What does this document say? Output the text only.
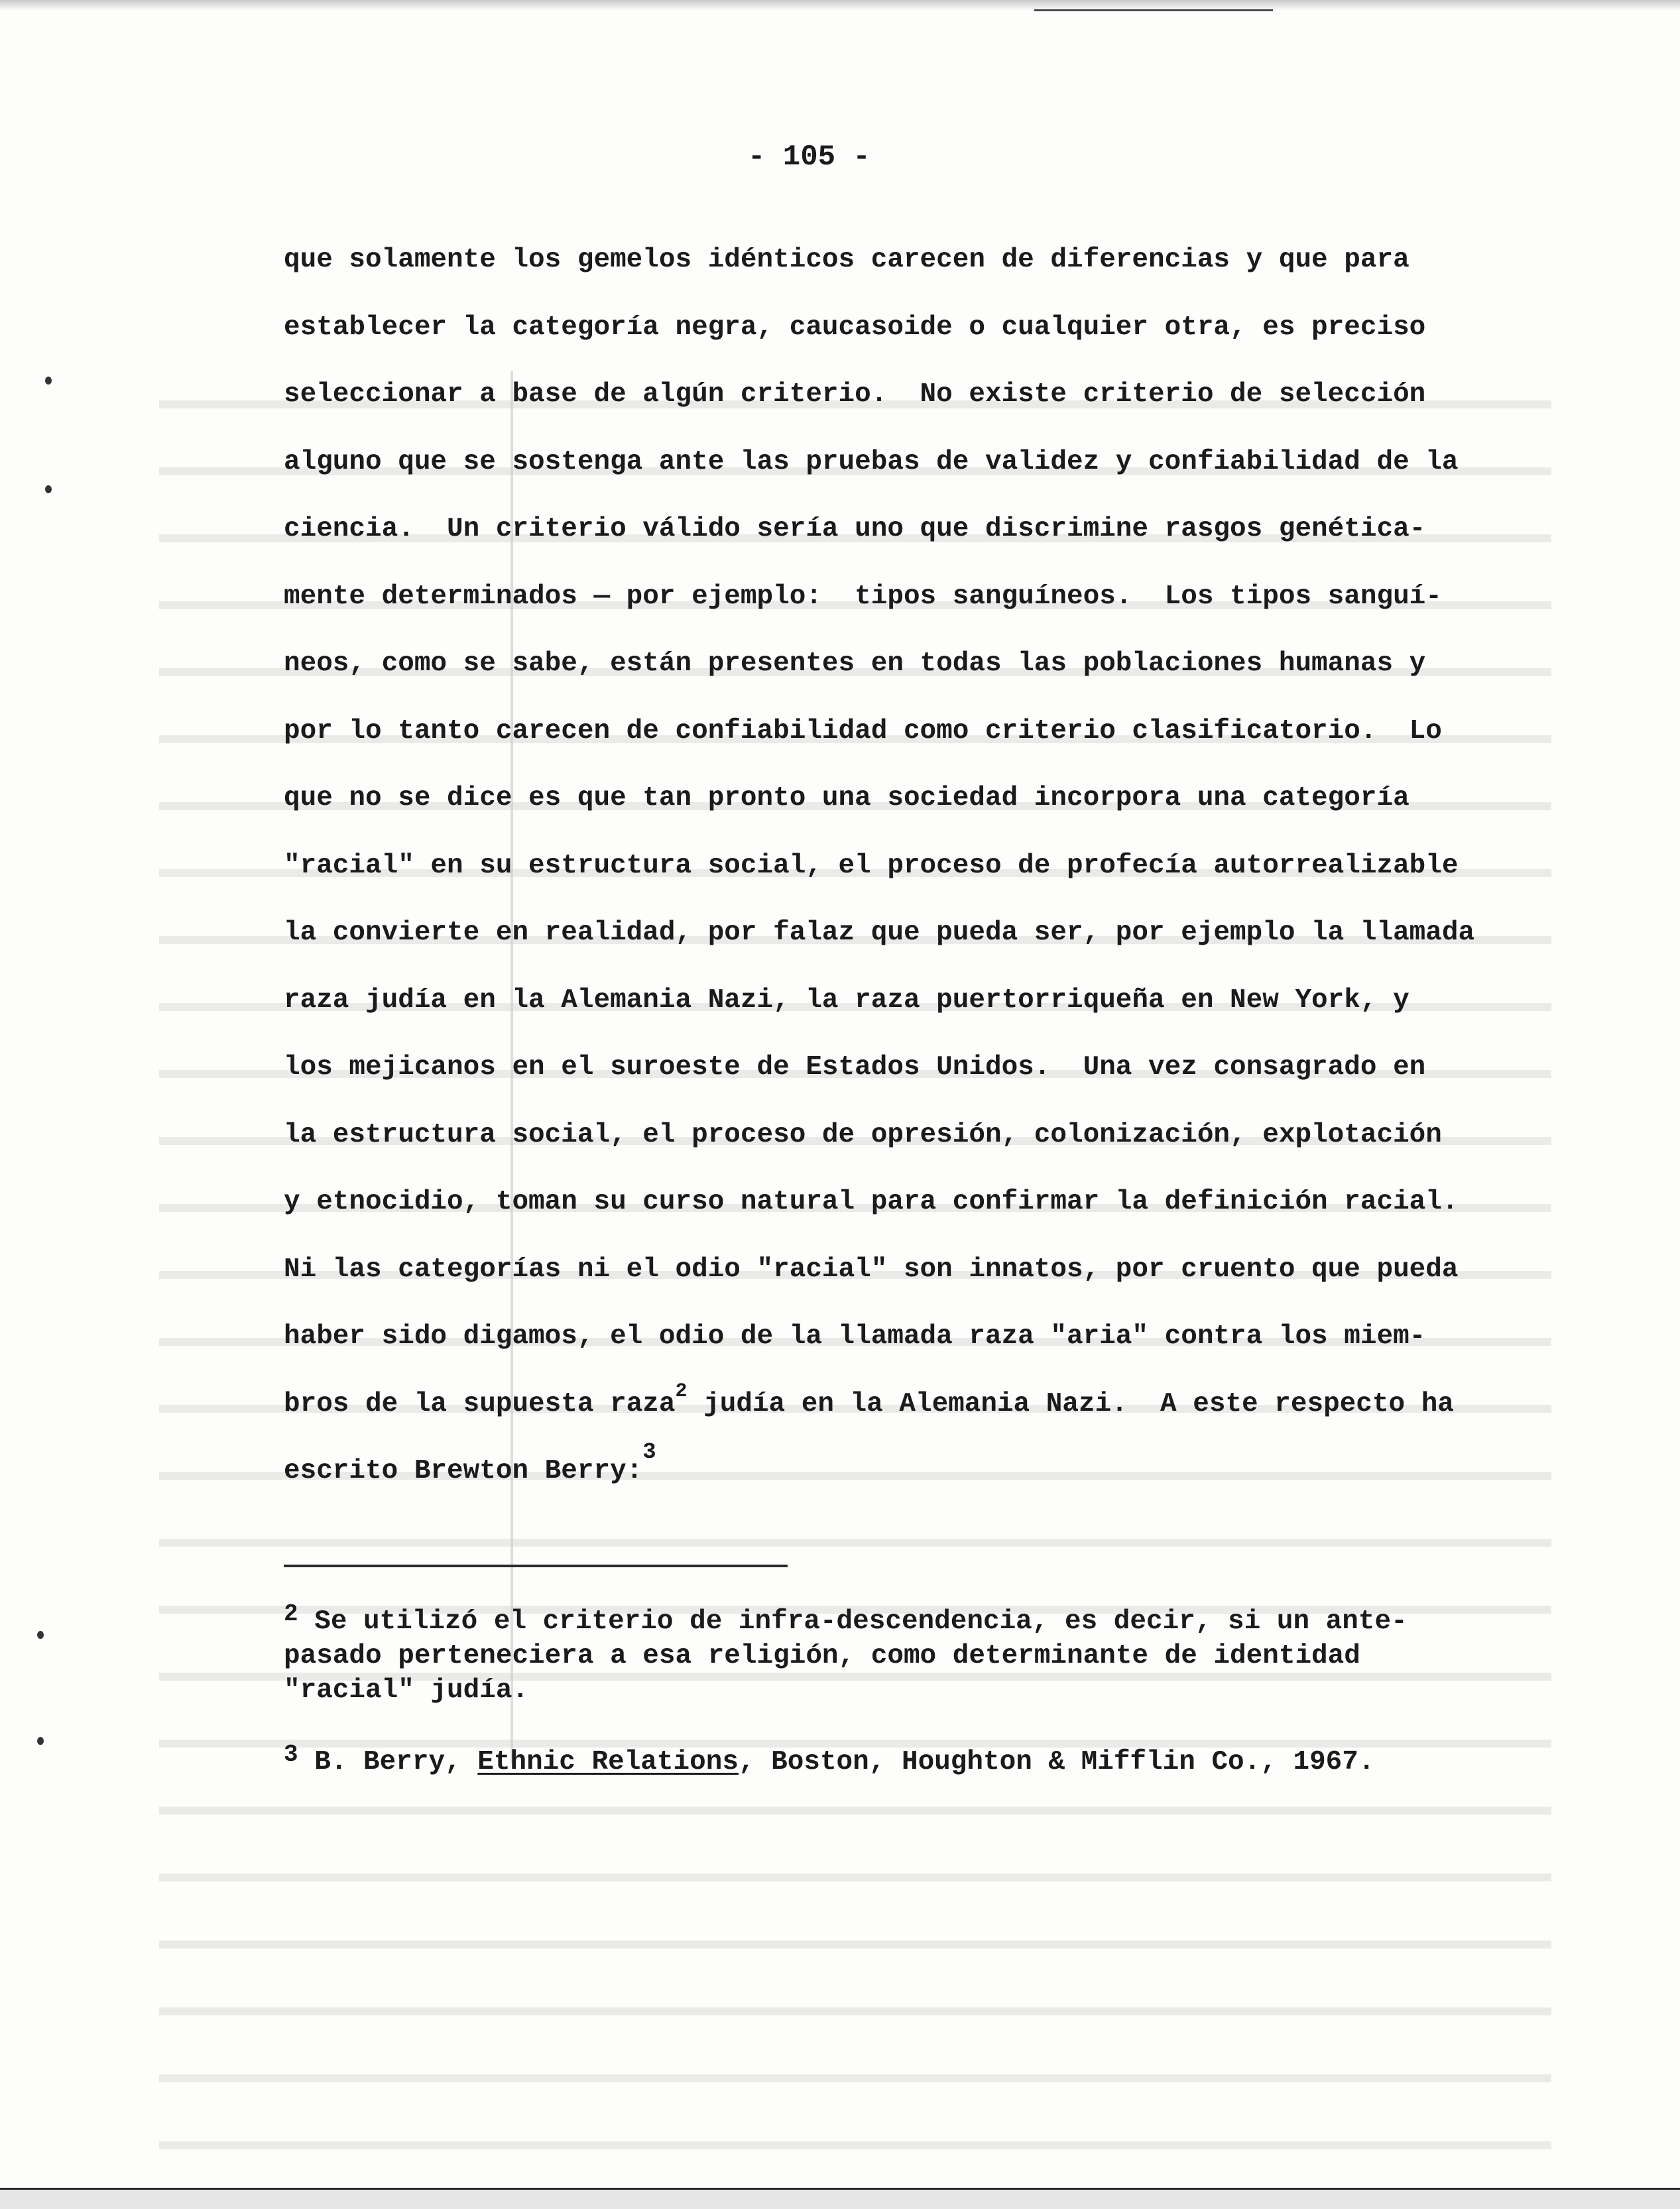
- 105 -
que solamente los gemelos idénticos carecen de diferencias y que para
establecer la categoría negra, caucasoide o cualquier otra, es preciso
seleccionar a base de algún criterio.  No existe criterio de selección
alguno que se sostenga ante las pruebas de validez y confiabilidad de la
ciencia.  Un criterio válido sería uno que discrimine rasgos genética-
mente determinados — por ejemplo:  tipos sanguíneos.  Los tipos sanguí-
neos, como se sabe, están presentes en todas las poblaciones humanas y
por lo tanto carecen de confiabilidad como criterio clasificatorio.  Lo
que no se dice es que tan pronto una sociedad incorpora una categoría
"racial" en su estructura social, el proceso de profecía autorrealizable
la convierte en realidad, por falaz que pueda ser, por ejemplo la llamada
raza judía en la Alemania Nazi, la raza puertorriqueña en New York, y
los mejicanos en el suroeste de Estados Unidos.  Una vez consagrado en
la estructura social, el proceso de opresión, colonización, explotación
y etnocidio, toman su curso natural para confirmar la definición racial.
Ni las categorías ni el odio "racial" son innatos, por cruento que pueda
haber sido digamos, el odio de la llamada raza "aria" contra los miem-
bros de la supuesta raza$^2$ judía en la Alemania Nazi.  A este respecto ha
escrito Brewton Berry:$^3$
2 Se utilizó el criterio de infra-descendencia, es decir, si un ante-
pasado perteneciera a esa religión, como determinante de identidad
"racial" judía.
3 B. Berry, Ethnic Relations, Boston, Houghton & Mifflin Co., 1967.
